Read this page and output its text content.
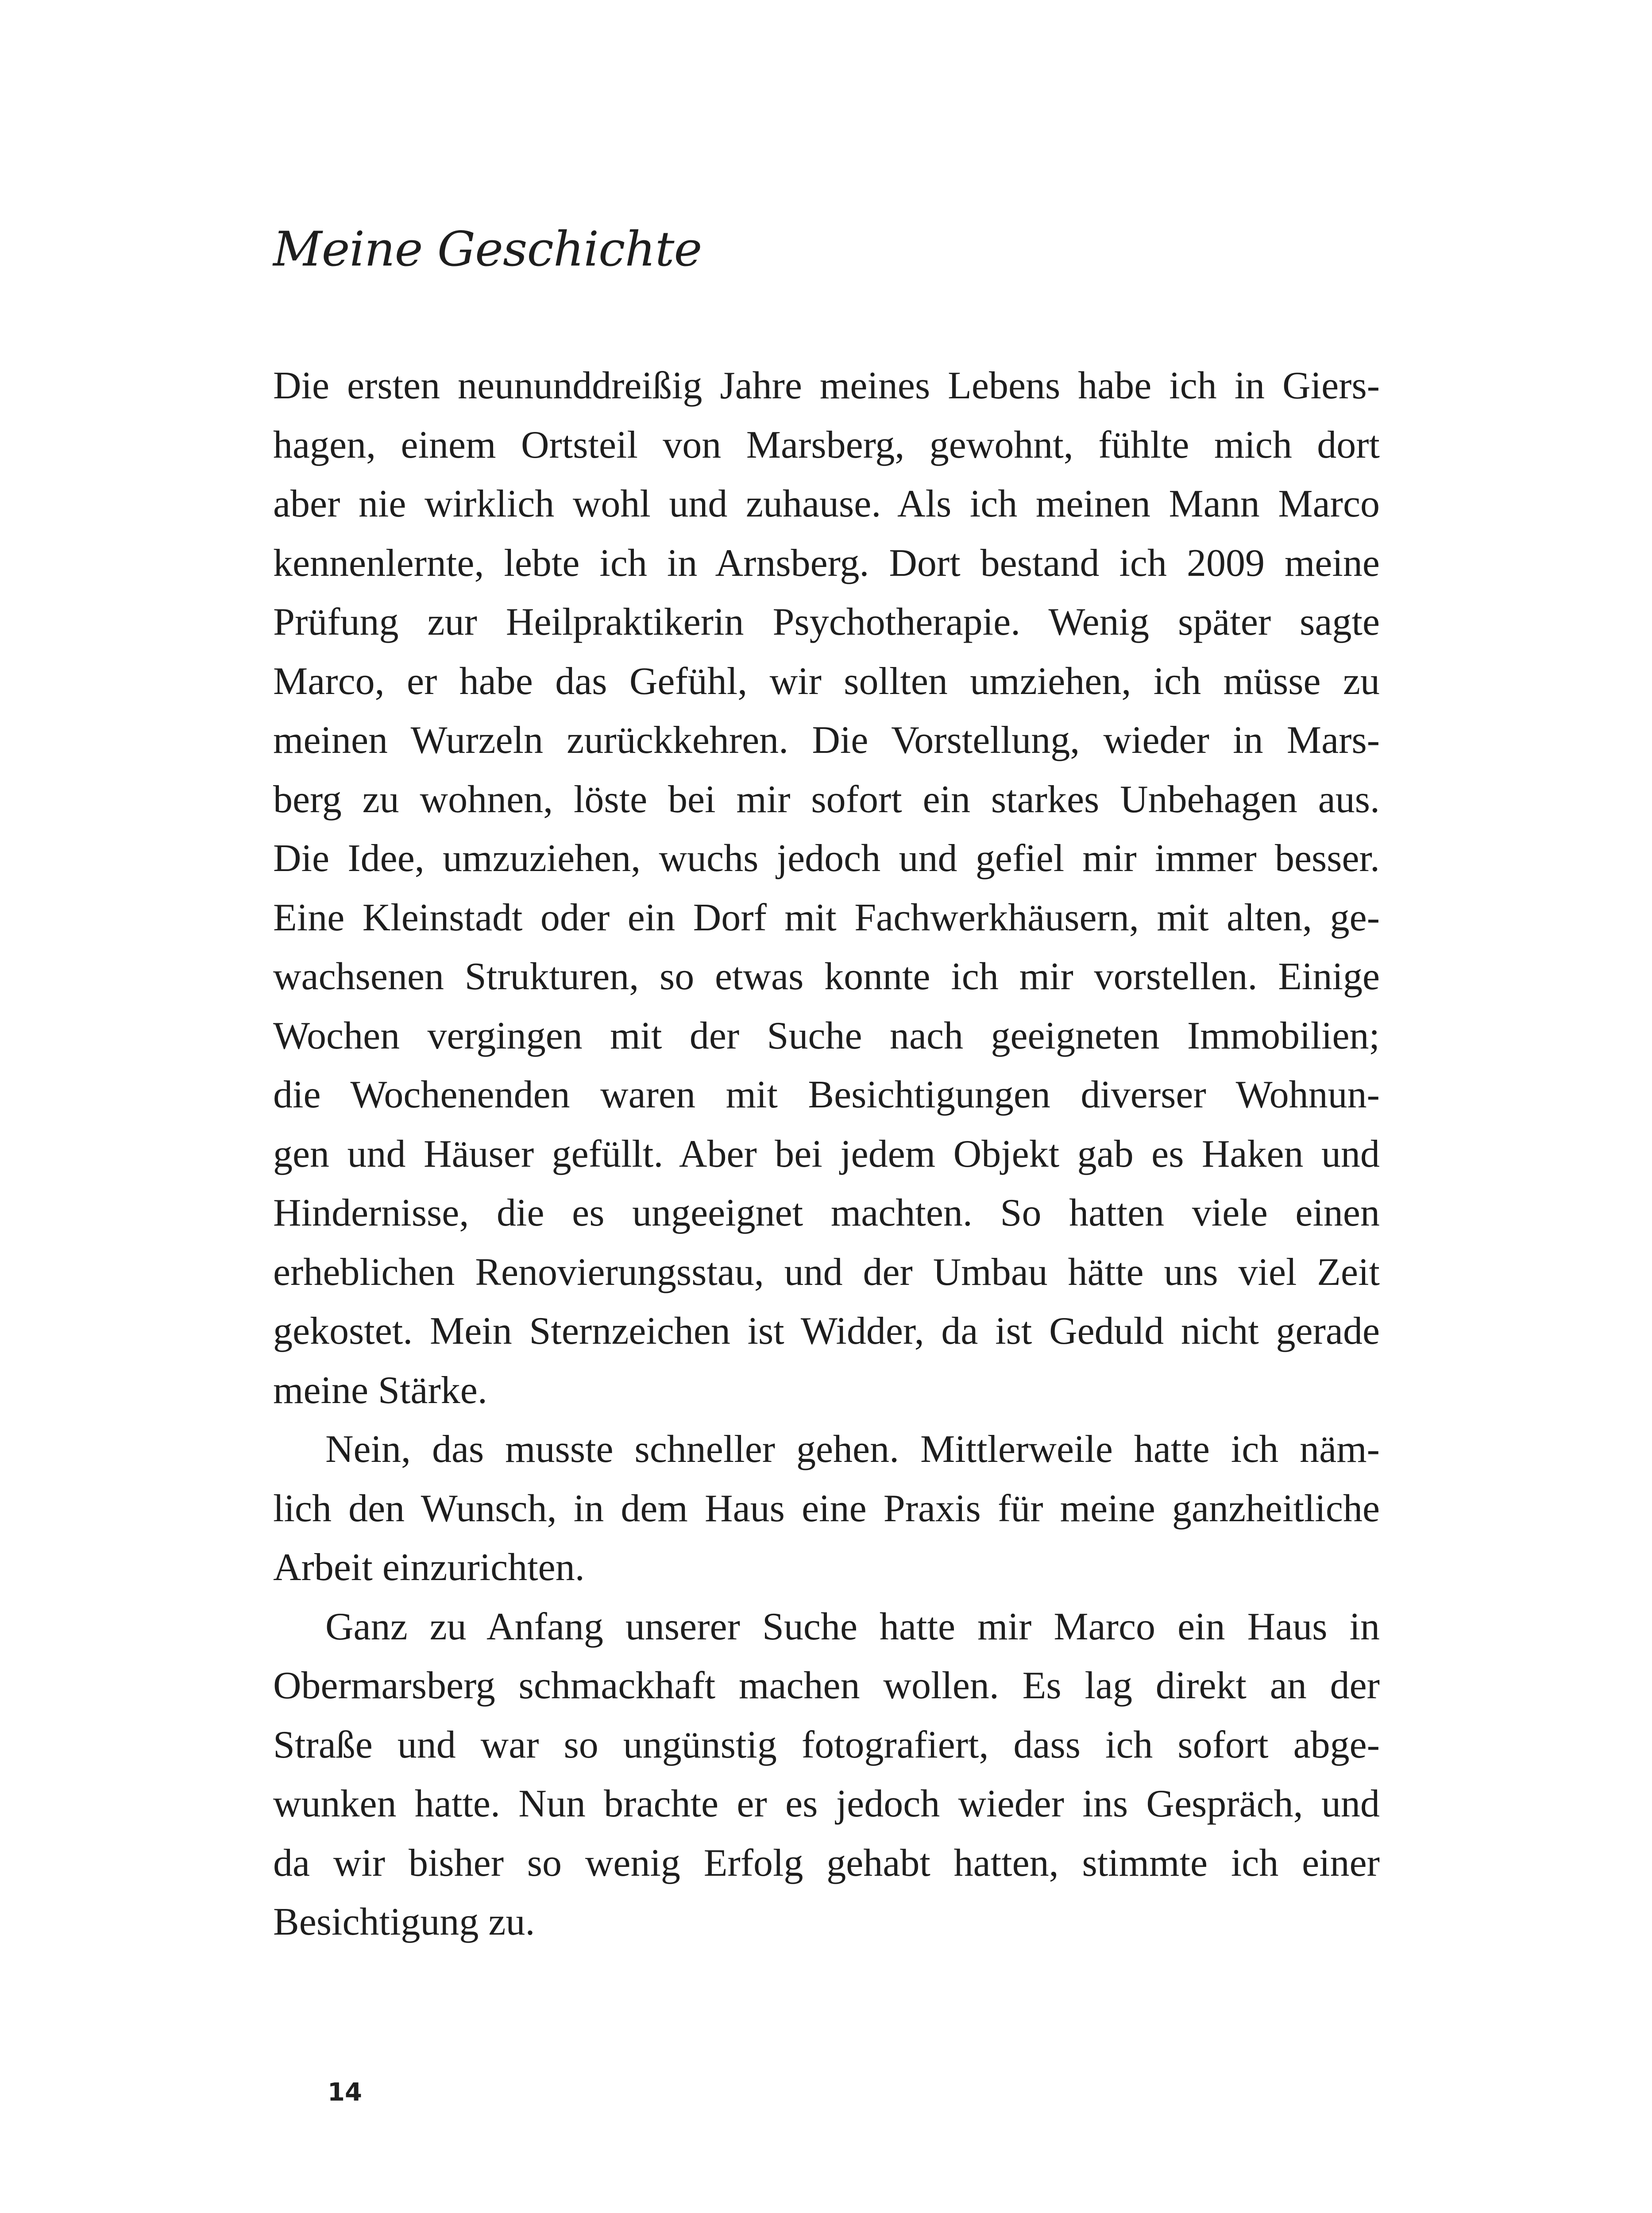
Meine Geschichte
Die ersten neununddreißig Jahre meines Lebens habe ich in Giers-
hagen, einem Ortsteil von Marsberg, gewohnt, fühlte mich dort
aber nie wirklich wohl und zuhause. Als ich meinen Mann Marco
kennenlernte, lebte ich in Arnsberg. Dort bestand ich 2009 meine
Prüfung zur Heilpraktikerin Psychotherapie. Wenig später sagte
Marco, er habe das Gefühl, wir sollten umziehen, ich müsse zu
meinen Wurzeln zurückkehren. Die Vorstellung, wieder in Mars-
berg zu wohnen, löste bei mir sofort ein starkes Unbehagen aus.
Die Idee, umzuziehen, wuchs jedoch und gefiel mir immer besser.
Eine Kleinstadt oder ein Dorf mit Fachwerkhäusern, mit alten, ge-
wachsenen Strukturen, so etwas konnte ich mir vorstellen. Einige
Wochen vergingen mit der Suche nach geeigneten Immobilien;
die Wochenenden waren mit Besichtigungen diverser Wohnun-
gen und Häuser gefüllt. Aber bei jedem Objekt gab es Haken und
Hindernisse, die es ungeeignet machten. So hatten viele einen
erheblichen Renovierungsstau, und der Umbau hätte uns viel Zeit
gekostet. Mein Sternzeichen ist Widder, da ist Geduld nicht gerade
meine Stärke.
Nein, das musste schneller gehen. Mittlerweile hatte ich näm-
lich den Wunsch, in dem Haus eine Praxis für meine ganzheitliche
Arbeit einzurichten.
Ganz zu Anfang unserer Suche hatte mir Marco ein Haus in
Obermarsberg schmackhaft machen wollen. Es lag direkt an der
Straße und war so ungünstig fotografiert, dass ich sofort abge-
wunken hatte. Nun brachte er es jedoch wieder ins Gespräch, und
da wir bisher so wenig Erfolg gehabt hatten, stimmte ich einer
Besichtigung zu.
14
